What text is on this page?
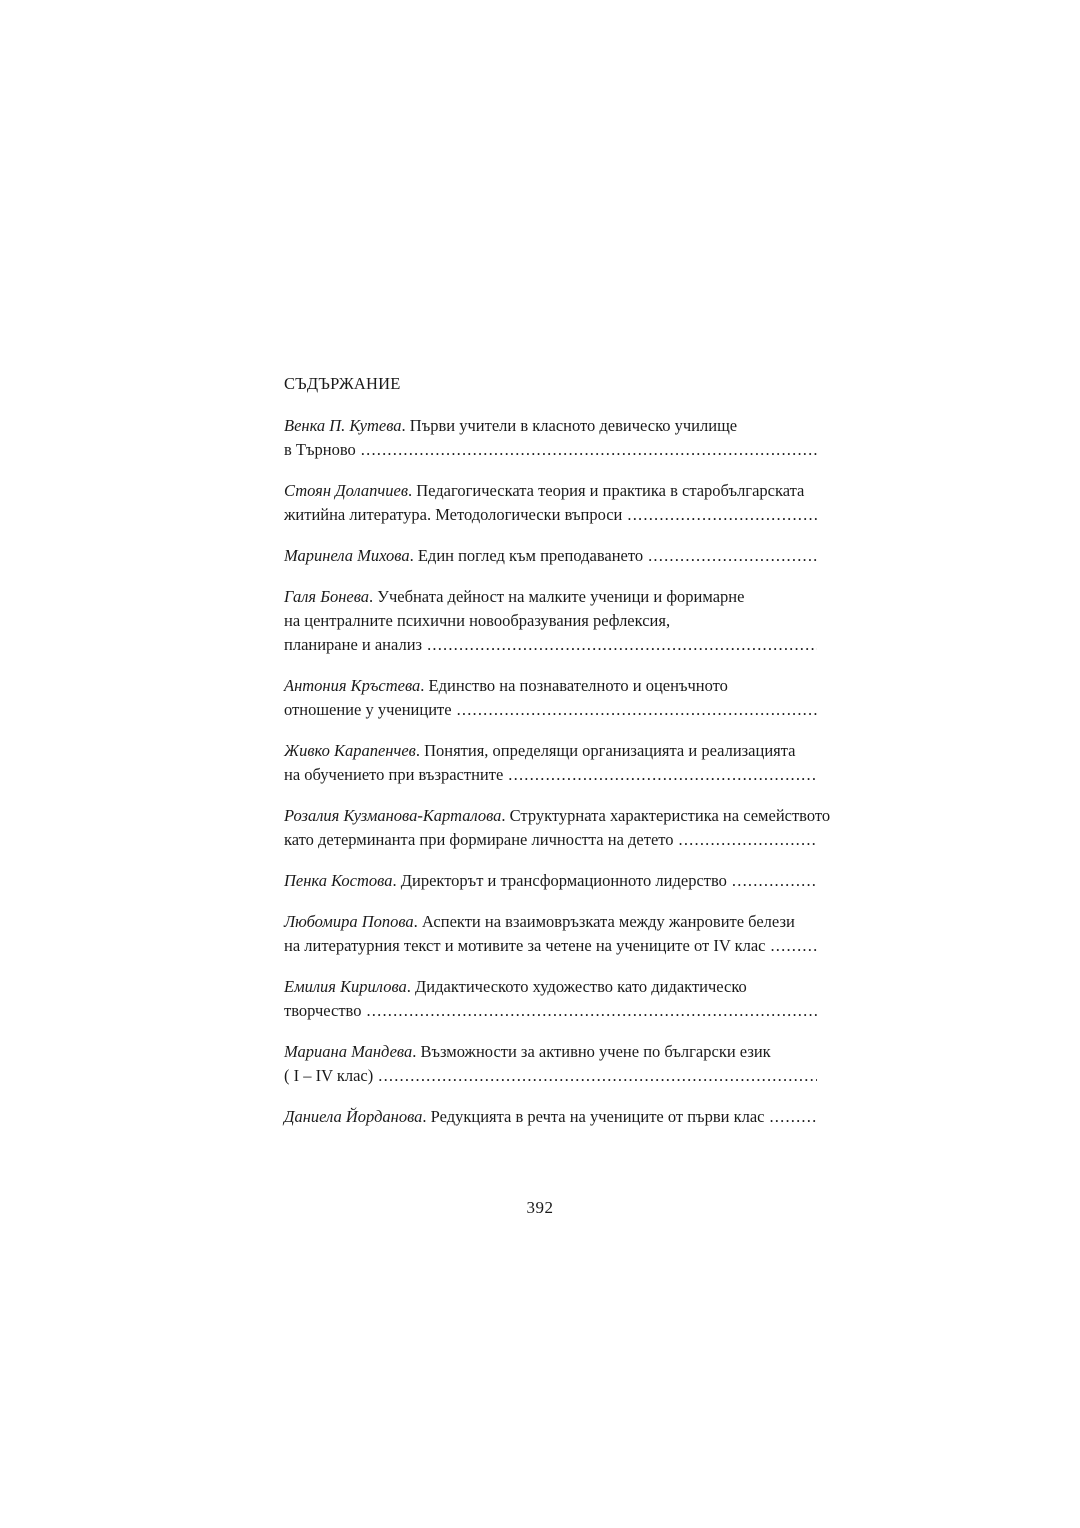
СЪДЪРЖАНИЕ
Венка П. Кутева. Първи учители в класното девическо училище
в Търново
.....
Стоян Долапчиев. Педагогическата теория и практика в старобългарската
житийна литература. Методологически въпроси
.....
Маринела Михова. Един поглед към преподаването
.....
Галя Бонева. Учебната дейност на малките ученици и форимарне
на централните психични новообразувания рефлексия,
планиране и анализ
.....
Антония Кръстева. Единство на познавателното и оценъчното
отношение у учениците
.....
Живко Карапенчев. Понятия, определящи организацията и реализацията
на обучението при възрастните
.....
Розалия Кузманова-Карталова. Структурната характеристика на семейството
като детерминанта при формиране личността на детето
.....
Пенка Костова. Директорът и трансформационното лидерство
.....
Любомира Попова. Аспекти на взаимовръзката между жанровите белези
на литературния текст и мотивите за четене на учениците от IV клас
.....
Емилия Кирилова. Дидактическото художество като дидактическо
творчество
.....
Мариана Мандева. Възможности за активно учене по български език
( I – IV клас)
.....
Даниела Йорданова. Редукцията в речта на учениците от първи клас
.....
392
